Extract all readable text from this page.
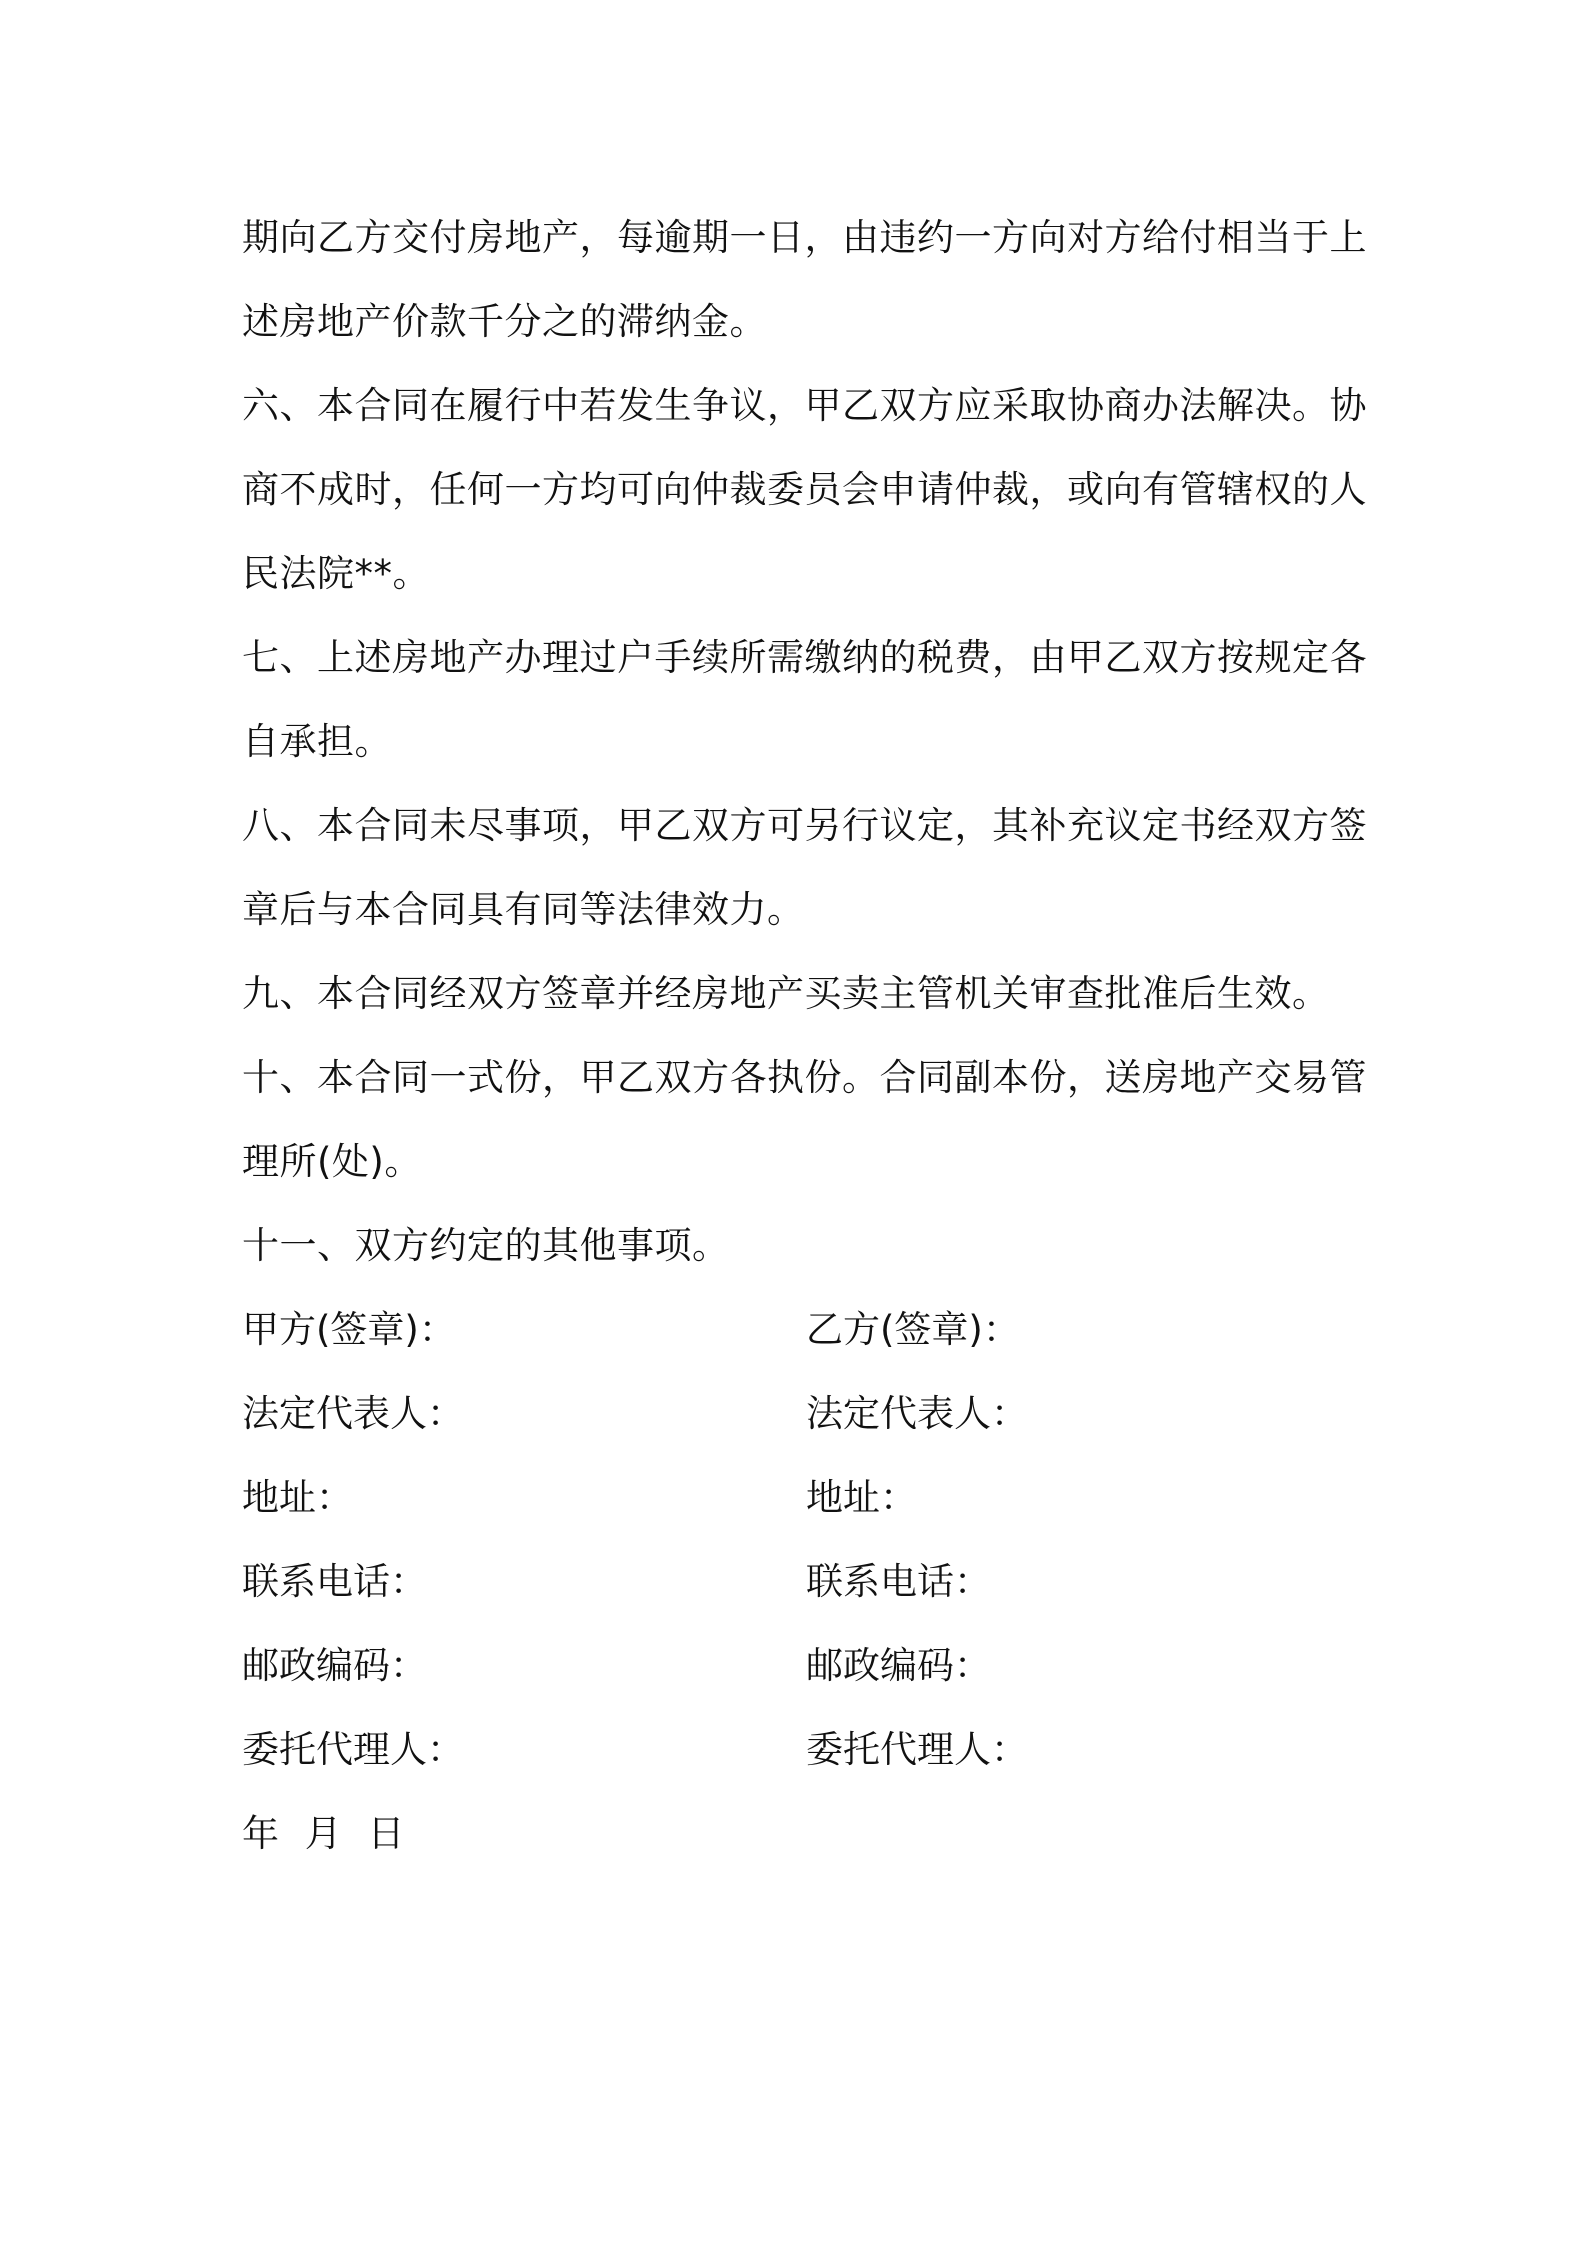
期向乙方交付房地产，每逾期一日，由违约一方向对方给付相当于上
述房地产价款千分之的滞纳金。
六、本合同在履行中若发生争议，甲乙双方应采取协商办法解决。协
商不成时，任何一方均可向仲裁委员会申请仲裁，或向有管辖权的人
民法院**。
七、上述房地产办理过户手续所需缴纳的税费，由甲乙双方按规定各
自承担。
八、本合同未尽事项，甲乙双方可另行议定，其补充议定书经双方签
章后与本合同具有同等法律效力。
九、本合同经双方签章并经房地产买卖主管机关审查批准后生效。
十、本合同一式份，甲乙双方各执份。合同副本份，送房地产交易管
理所(处)。
十一、双方约定的其他事项。
甲方(签章)：	乙方(签章)：
法定代表人：	法定代表人：
地址：	地址：
联系电话：	联系电话：
邮政编码：	邮政编码：
委托代理人：	委托代理人：
年 月 日
